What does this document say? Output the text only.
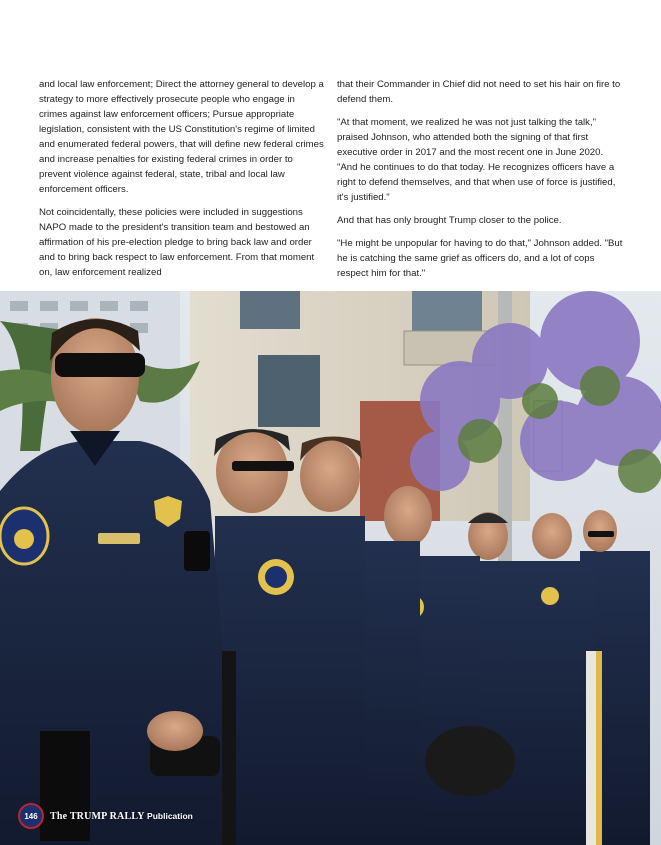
and local law enforcement; Direct the attorney general to develop a strategy to more effectively prosecute people who engage in crimes against law enforcement officers; Pursue appropriate legislation, consistent with the US Constitution's regime of limited and enumerated federal powers, that will define new federal crimes and increase penalties for existing federal crimes in order to prevent violence against federal, state, tribal and local law enforcement officers.

Not coincidentally, these policies were included in suggestions NAPO made to the president's transition team and bestowed an affirmation of his pre-election pledge to bring back law and order and to bring back respect to law enforcement. From that moment on, law enforcement realized

that their Commander in Chief did not need to set his hair on fire to defend them.

"At that moment, we realized he was not just talking the talk," praised Johnson, who attended both the signing of that first executive order in 2017 and the most recent one in June 2020. "And he continues to do that today. He recognizes officers have a right to defend themselves, and that when use of force is justified, it's justified."

And that has only brought Trump closer to the police.

"He might be unpopular for having to do that," Johnson added. "But he is catching the same grief as officers do, and a lot of cops respect him for that."

146	The TRUMP RALLY Publication
